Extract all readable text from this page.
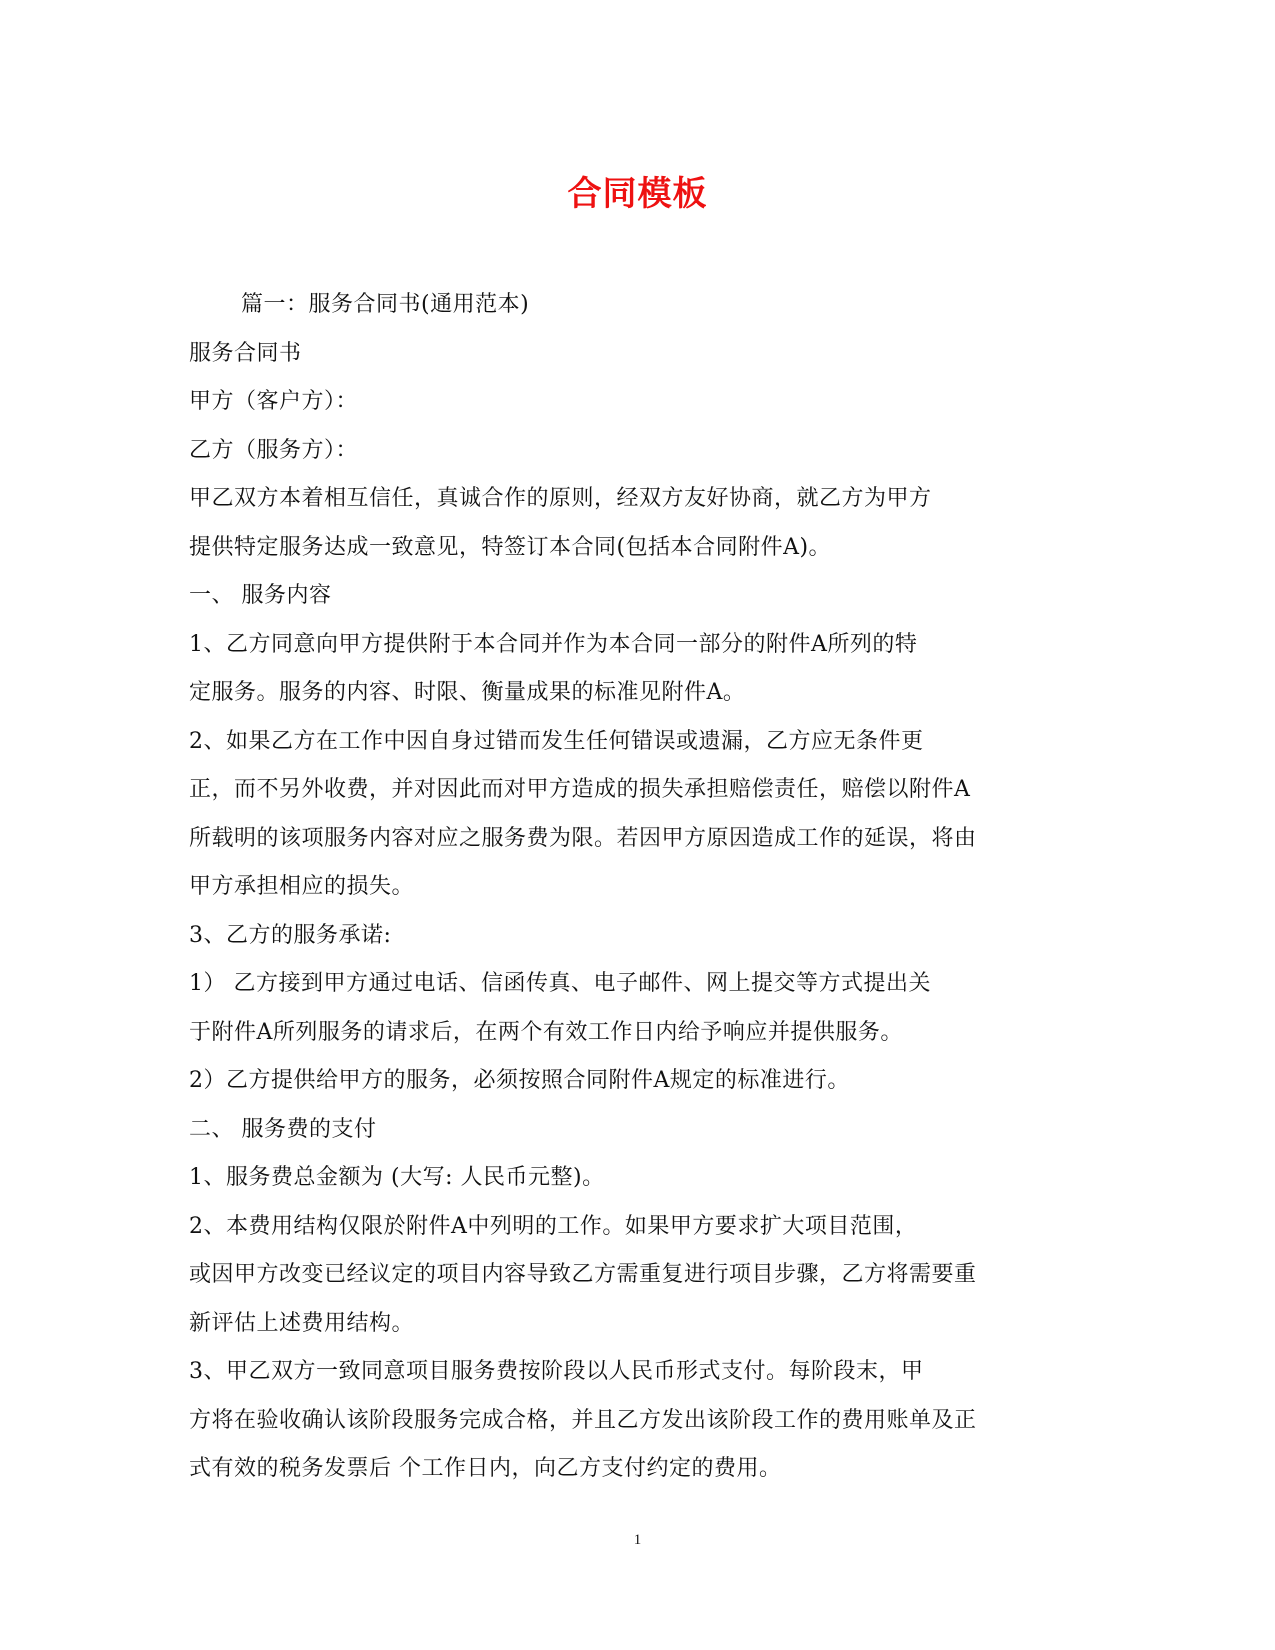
合同模板
篇一：服务合同书(通用范本)
服务合同书
甲方（客户方）：
乙方（服务方）：
甲乙双方本着相互信任，真诚合作的原则，经双方友好协商，就乙方为甲方
提供特定服务达成一致意见，特签订本合同(包括本合同附件A)。
一、 服务内容
1、乙方同意向甲方提供附于本合同并作为本合同一部分的附件A所列的特
定服务。服务的内容、时限、衡量成果的标准见附件A。
2、如果乙方在工作中因自身过错而发生任何错误或遗漏，乙方应无条件更
正，而不另外收费，并对因此而对甲方造成的损失承担赔偿责任，赔偿以附件A
所载明的该项服务内容对应之服务费为限。若因甲方原因造成工作的延误，将由
甲方承担相应的损失。
3、乙方的服务承诺:
1） 乙方接到甲方通过电话、信函传真、电子邮件、网上提交等方式提出关
于附件A所列服务的请求后，在两个有效工作日内给予响应并提供服务。
2）乙方提供给甲方的服务，必须按照合同附件A规定的标准进行。
二、 服务费的支付
1、服务费总金额为 (大写: 人民币元整)。
2、本费用结构仅限於附件A中列明的工作。如果甲方要求扩大项目范围，
或因甲方改变已经议定的项目内容导致乙方需重复进行项目步骤，乙方将需要重
新评估上述费用结构。
3、甲乙双方一致同意项目服务费按阶段以人民币形式支付。每阶段末，甲
方将在验收确认该阶段服务完成合格，并且乙方发出该阶段工作的费用账单及正
式有效的税务发票后 个工作日内，向乙方支付约定的费用。
1
